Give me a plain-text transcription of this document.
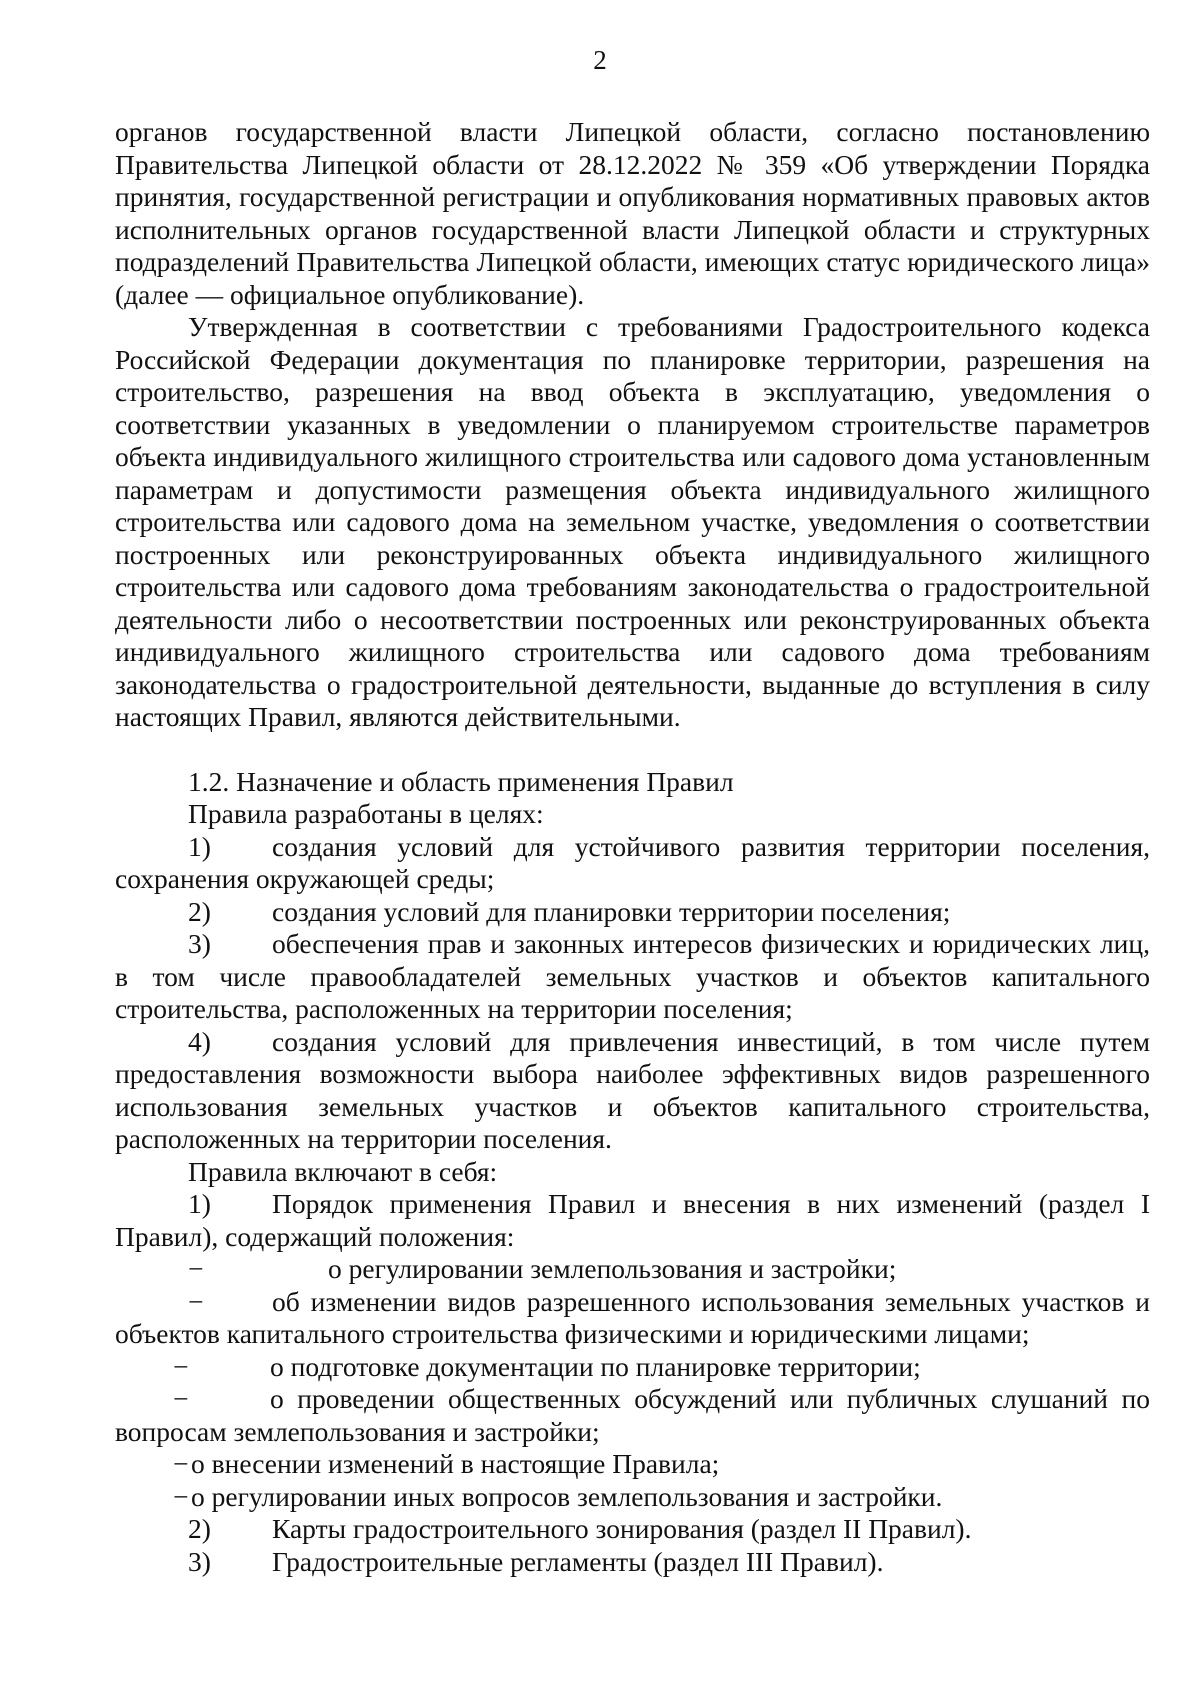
2

органов государственной власти Липецкой области, согласно постановлению Правительства Липецкой области от 28.12.2022 № 359 «Об утверждении Порядка принятия, государственной регистрации и опубликования нормативных правовых актов исполнительных органов государственной власти Липецкой области и структурных подразделений Правительства Липецкой области, имеющих статус юридического лица» (далее — официальное опубликование).

Утвержденная в соответствии с требованиями Градостроительного кодекса Российской Федерации документация по планировке территории, разрешения на строительство, разрешения на ввод объекта в эксплуатацию, уведомления о соответствии указанных в уведомлении о планируемом строительстве параметров объекта индивидуального жилищного строительства или садового дома установленным параметрам и допустимости размещения объекта индивидуального жилищного строительства или садового дома на земельном участке, уведомления о соответствии построенных или реконструированных объекта индивидуального жилищного строительства или садового дома требованиям законодательства о градостроительной деятельности либо о несоответствии построенных или реконструированных объекта индивидуального жилищного строительства или садового дома требованиям законодательства о градостроительной деятельности, выданные до вступления в силу настоящих Правил, являются действительными.

1.2. Назначение и область применения Правил

Правила разработаны в целях:

1) создания условий для устойчивого развития территории поселения, сохранения окружающей среды;

2) создания условий для планировки территории поселения;

3) обеспечения прав и законных интересов физических и юридических лиц, в том числе правообладателей земельных участков и объектов капитального строительства, расположенных на территории поселения;

4) создания условий для привлечения инвестиций, в том числе путем предоставления возможности выбора наиболее эффективных видов разрешенного использования земельных участков и объектов капитального строительства, расположенных на территории поселения.

Правила включают в себя:

1) Порядок применения Правил и внесения в них изменений (раздел I Правил), содержащий положения:

−	о регулировании землепользования и застройки;

− об изменении видов разрешенного использования земельных участков и объектов капитального строительства физическими и юридическими лицами;

−	о подготовке документации по планировке территории;

−	о проведении общественных обсуждений или публичных слушаний по вопросам землепользования и застройки;

−о внесении изменений в настоящие Правила;

−о регулировании иных вопросов землепользования и застройки.

2) Карты градостроительного зонирования (раздел II Правил).

3) Градостроительные регламенты (раздел III Правил).
